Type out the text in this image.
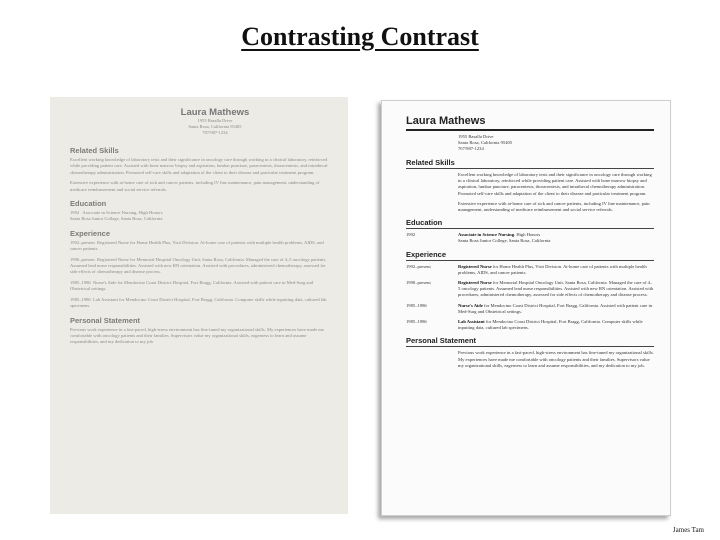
Contrasting Contrast
Laura Mathews
1955 Basalla Drive
Santa Rosa, California 95405
707/987-1234
Related Skills

Excellent working knowledge of laboratory tests and their significance in oncology care through working in a clinical laboratory, reinforced while providing patient care. Assisted with bone marrow biopsy and aspiration, lumbar puncture, paracentesis, thoracentesis, and intrathecal chemotherapy administration. Promoted self-care skills and adaptation of the client to their disease and particular treatment program.

Extensive experience with at-home care of sick and cancer patients, including IV line maintenance, pain management, understanding of medicare reimbursement and social service referrals.

Education
1992 Associate in Science Nursing, High Honors
Santa Rosa Junior College, Santa Rosa, California
Experience
1992–present Registered Nurse for Home Health Plus, Visit Division. At-home care of patients with multiple health problems, AIDS, and cancer patients.
1990–present Registered Nurse for Memorial Hospital Oncology Unit, Santa Rosa, California. Managed the care of 4–5 oncology patients. Assumed lead nurse responsibilities. Assisted with new RN orientation. Assisted with procedures, administered chemotherapy, assessed for side effects of chemotherapy and disease process.
1985–1986 Nurse's Aide for Mendocino Coast District Hospital, Fort Bragg, California. Assisted with patient care in Med-Surg and Obstetrical settings.
1985–1986 Lab Assistant for Mendocino Coast District Hospital, Fort Bragg, California. Computer skills while inputting data, cultured lab specimens.
Personal Statement

Previous work experience in a fast-paced, high-stress environment has fine-tuned my organizational skills. My experiences have made me comfortable with oncology patients and their families. Supervisors value my organizational skills, eagerness to learn and assume responsibilities, and my dedication to my job.

Laura Mathews
1955 Basalla Drive
Santa Rosa, California 95405
707/987-1234
Related Skills

Excellent working knowledge of laboratory tests and their significance in oncology care through working in a clinical laboratory, reinforced while providing patient care. Assisted with bone marrow biopsy and aspiration, lumbar puncture, paracentesis, thoracentesis, and intrathecal chemotherapy administration. Promoted self-care skills and adaptation of the client to their disease and particular treatment program.

Extensive experience with at-home care of sick and cancer patients, including IV line maintenance, pain management, understanding of medicare reimbursement and social service referrals.

Education
1992	Associate in Science Nursing, High Honors
Santa Rosa Junior College, Santa Rosa, California
Experience
1992–present	Registered Nurse for Home Health Plus, Visit Division. At-home care of patients with multiple health problems, AIDS, and cancer patients.
1990–present	Registered Nurse for Memorial Hospital Oncology Unit, Santa Rosa, California. Managed the care of 4–5 oncology patients. Assumed lead nurse responsibilities. Assisted with new RN orientation. Assisted with procedures, administered chemotherapy, assessed for side effects of chemotherapy and disease process.
1985–1986	Nurse's Aide for Mendocino Coast District Hospital, Fort Bragg, California. Assisted with patient care in Med-Surg and Obstetrical settings.
1985–1986	Lab Assistant for Mendocino Coast District Hospital, Fort Bragg, California. Computer skills while inputting data, cultured lab specimens.
Personal Statement

Previous work experience in a fast-paced, high-stress environment has fine-tuned my organizational skills. My experiences have made me comfortable with oncology patients and their families. Supervisors value my organizational skills, eagerness to learn and assume responsibilities, and my dedication to my job.

James Tam
